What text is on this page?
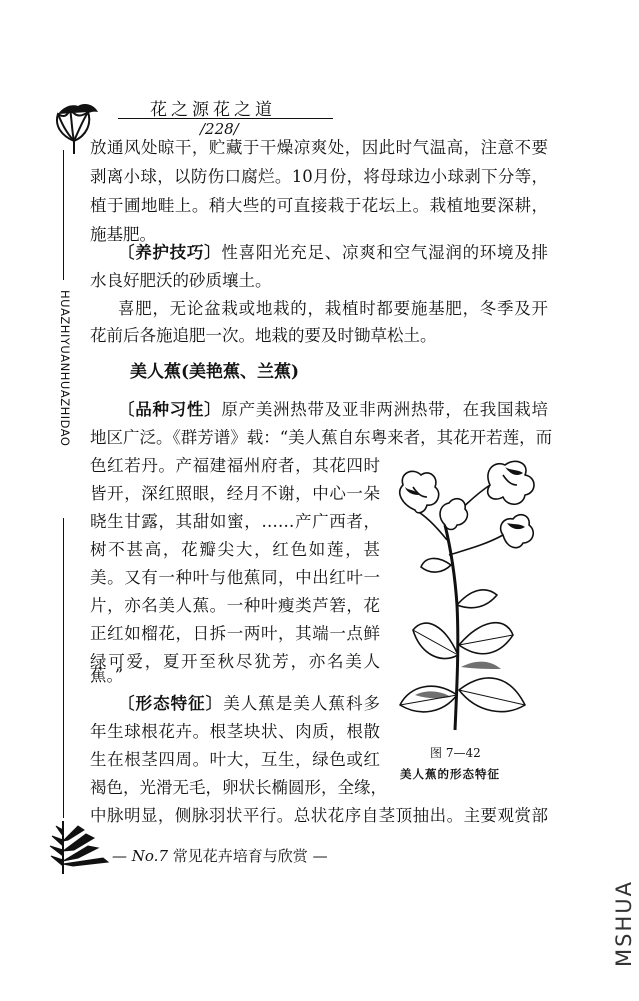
花之源花之道
/228/
HUAZHIYUANHUAZHIDAO
放通风处晾干，贮藏于干燥凉爽处，因此时气温高，注意不要
剥离小球，以防伤口腐烂。10月份，将母球边小球剥下分等，
植于圃地畦上。稍大些的可直接栽于花坛上。栽植地要深耕，
施基肥。
〔养护技巧〕性喜阳光充足、凉爽和空气湿润的环境及排
水良好肥沃的砂质壤土。
喜肥，无论盆栽或地栽的，栽植时都要施基肥，冬季及开
花前后各施追肥一次。地栽的要及时锄草松土。
美人蕉(美艳蕉、兰蕉)
〔品种习性〕原产美洲热带及亚非两洲热带，在我国栽培
地区广泛。《群芳谱》载：“美人蕉自东粤来者，其花开若莲，而
色红若丹。产福建福州府者，其花四时
皆开，深红照眼，经月不谢，中心一朵
晓生甘露，其甜如蜜，……产广西者，
树不甚高，花瓣尖大，红色如莲，甚
美。又有一种叶与他蕉同，中出红叶一
片，亦名美人蕉。一种叶瘦类芦箬，花
正红如榴花，日拆一两叶，其端一点鲜
绿可爱，夏开至秋尽犹芳，亦名美人
蕉。”
〔形态特征〕美人蕉是美人蕉科多
年生球根花卉。根茎块状、肉质，根散
生在根茎四周。叶大，互生，绿色或红
褐色，光滑无毛，卵状长椭圆形，全缘，
中脉明显，侧脉羽状平行。总状花序自茎顶抽出。主要观赏部
图 7—42
美人蕉的形态特征
— No.7 常见花卉培育与欣赏 —
MSHUA
